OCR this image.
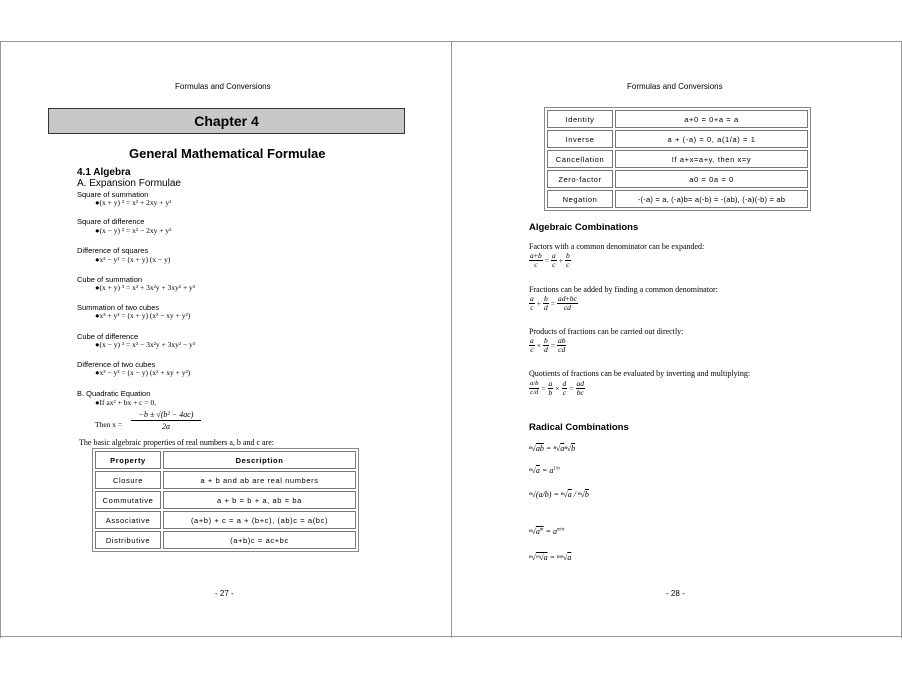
Formulas and Conversions
Chapter 4
General Mathematical Formulae
4.1 Algebra
A. Expansion Formulae
Square of summation
●(x + y) ² = x² + 2xy + y²
Square of difference
●(x − y) ² = x² − 2xy + y²
Difference of squares
●x² − y² = (x + y) (x − y)
Cube of summation
●(x + y) ³ = x³ + 3x²y + 3xy² + y³
Summation of two cubes
●x³ + y³ = (x + y) (x² − xy + y²)
Cube of difference
●(x − y) ³ = x³ − 3x²y + 3xy² − y³
Difference of two cubes
●x³ − y³ = (x − y) (x² + xy + y²)
B. Quadratic Equation
●If ax² + bx + c = 0,
Then $x = \frac{\text{−b ± √(b² − 4ac)}}{2a}$
The basic algebraic properties of real numbers a, b and c are:
Property	Description
Closure	a + b and ab are real numbers
Commutative	a + b = b + a, ab = ba
Associative	(a+b) + c = a + (b+c), (ab)c = a(bc)
Distributive	(a+b)c = ac+bc
- 27 -
Formulas and Conversions
Identity	a+0 = 0+a = a
Inverse	a + (-a) = 0, a(1/a) = 1
Cancellation	If a+x=a+y, then x=y
Zero-factor	a0 = 0a = 0
Negation	-(-a) = a, (-a)b= a(-b) = -(ab), (-a)(-b) = ab
Algebraic Combinations
Factors with a common denominator can be expanded:
$\frac{a+b}{c} = \frac{a}{c} + \frac{b}{c}$
Fractions can be added by finding a common denominator:
$\frac{a}{c} + \frac{b}{d} = \frac{ad+bc}{cd}$
Products of fractions can be carried out directly:
$\frac{a}{c} \times \frac{b}{d} = \frac{ab}{cd}$
Quotients of fractions can be evaluated by inverting and multiplying:
$\frac{a/b}{c/d} = \frac{a}{b} \times \frac{d}{c} = \frac{ad}{bc}$
Radical Combinations
ⁿ√ab = ⁿ√aⁿ√b
$^n√a = a^{1/n}$
ⁿ√(a/b) = ⁿ√a / ⁿ√b
$^n√a^m = a^{m/n}$
ⁿ√ᵐ√a = ⁿᵐ√a
- 28 -
